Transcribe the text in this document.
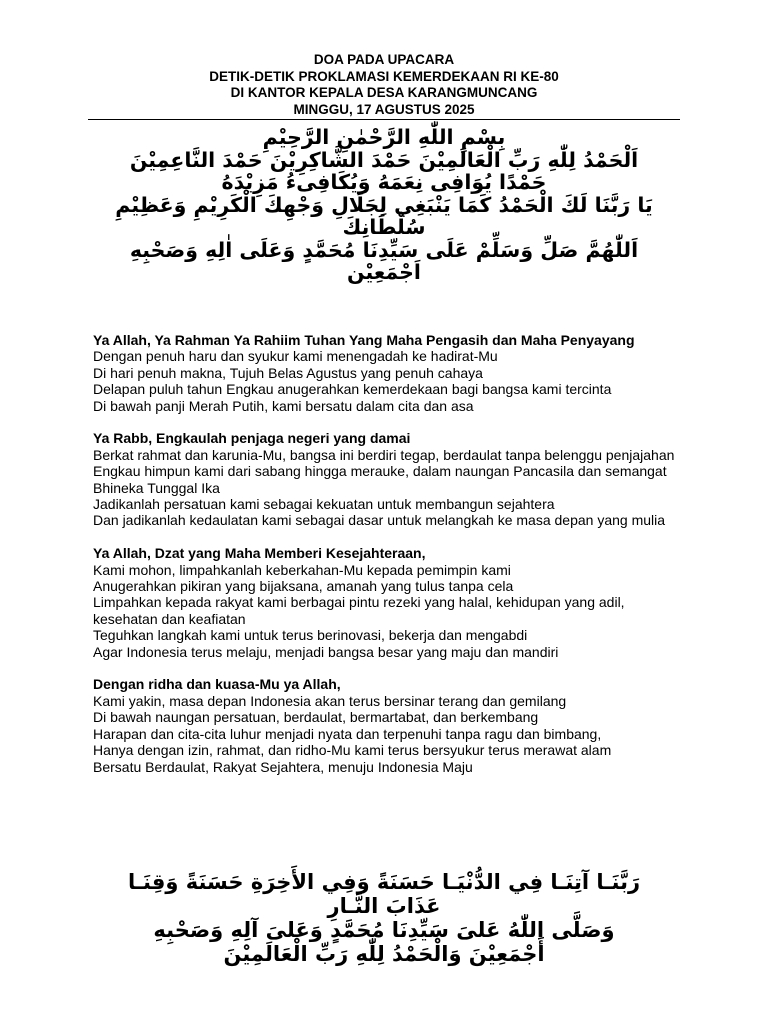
DOA PADA UPACARA
DETIK-DETIK PROKLAMASI KEMERDEKAAN RI KE-80
DI KANTOR KEPALA DESA KARANGMUNCANG
MINGGU, 17 AGUSTUS 2025
بِسْمِ اللّٰهِ الرَّحْمٰنِ الرَّحِيْمِ
اَلْحَمْدُ لِلّٰهِ رَبِّ الْعَالَمِيْنَ حَمْدَ الشَّاكِرِيْنَ حَمْدَ النَّاعِمِيْنَ
حَمْدًا يُوَافِى نِعَمَهُ وَيُكَافِىءُ مَزِيْدَهُ
يَا رَبَّنَا لَكَ الْحَمْدُ كَمَا يَنْبَغِي لِجَلَالِ وَجْهِكَ الْكَرِيْمِ وَعَظِيْمِ
سُلْطَانِكَ
اَللّٰهُمَّ صَلِّ وَسَلِّمْ عَلَى سَيِّدِنَا مُحَمَّدٍ وَعَلَى اٰلِهِ وَصَحْبِهِ
اَجْمَعِيْن
Ya Allah, Ya Rahman Ya Rahiim Tuhan Yang Maha Pengasih dan Maha Penyayang
Dengan penuh haru dan syukur kami menengadah ke hadirat-Mu
Di hari penuh makna, Tujuh Belas Agustus yang penuh cahaya
Delapan puluh tahun Engkau anugerahkan kemerdekaan bagi bangsa kami tercinta
Di bawah panji Merah Putih, kami bersatu dalam cita dan asa
Ya Rabb, Engkaulah penjaga negeri yang damai
Berkat rahmat dan karunia-Mu, bangsa ini berdiri tegap, berdaulat tanpa belenggu penjajahan
Engkau himpun kami dari sabang hingga merauke, dalam naungan Pancasila dan semangat Bhineka Tunggal Ika
Jadikanlah persatuan kami sebagai kekuatan untuk membangun sejahtera
Dan jadikanlah kedaulatan kami sebagai dasar untuk melangkah ke masa depan yang mulia
Ya Allah, Dzat yang Maha Memberi Kesejahteraan,
Kami mohon, limpahkanlah keberkahan-Mu kepada pemimpin kami
Anugerahkan pikiran yang bijaksana, amanah yang tulus tanpa cela
Limpahkan kepada rakyat kami berbagai pintu rezeki yang halal, kehidupan yang adil, kesehatan dan keafiatan
Teguhkan langkah kami untuk terus berinovasi, bekerja dan mengabdi
Agar Indonesia terus melaju, menjadi bangsa besar yang maju dan mandiri
Dengan ridha dan kuasa-Mu ya Allah,
Kami yakin, masa depan Indonesia akan terus bersinar terang dan gemilang
Di bawah naungan persatuan, berdaulat, bermartabat, dan berkembang
Harapan dan cita-cita luhur menjadi nyata dan terpenuhi tanpa ragu dan bimbang,
Hanya dengan izin, rahmat, dan ridho-Mu kami terus bersyukur terus merawat alam
Bersatu Berdaulat, Rakyat Sejahtera, menuju Indonesia Maju
رَبَّنَـا آتِنَـا فِي الدُّنْيَـا حَسَنَةً وَفِي الأَخِرَةِ حَسَنَةً وَقِنَـا
عَذَابَ النَّـارِ
وَصَلَّى اللّٰهُ عَلىَ سَيِّدِنَا مُحَمَّدٍ وَعَلىَ آلِهِ وَصَحْبِهِ
أَجْمَعِيْنَ وَالْحَمْدُ لِلّٰهِ رَبِّ الْعَالَمِيْنَ
